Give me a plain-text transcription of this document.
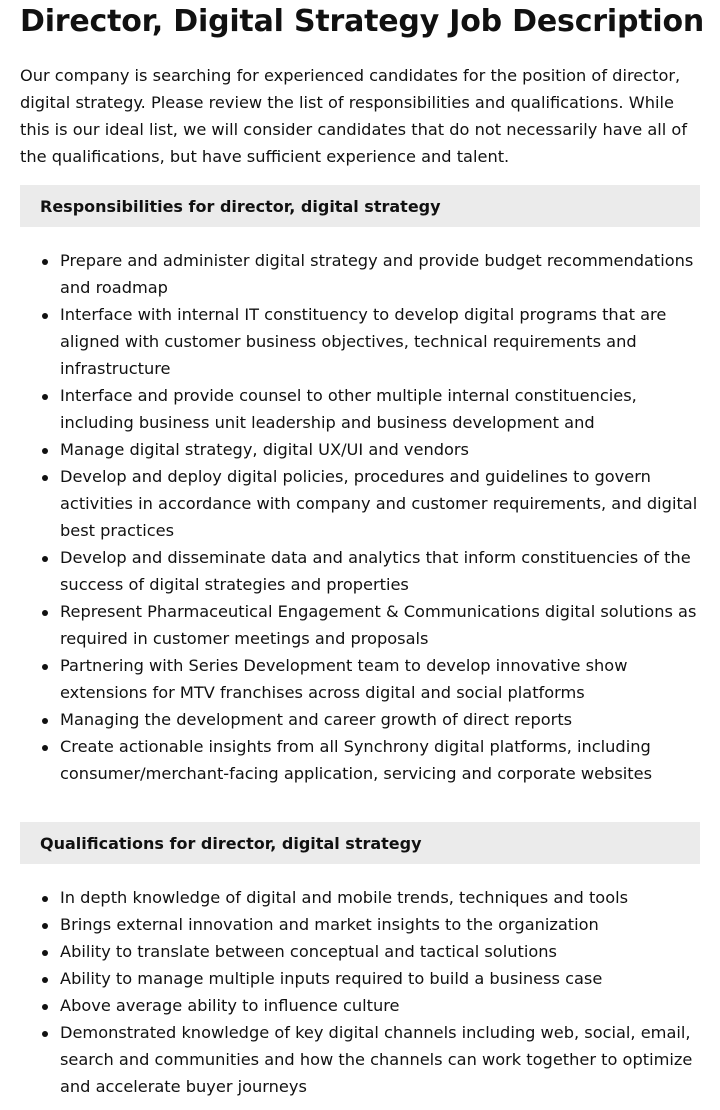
Director, Digital Strategy Job Description

Our company is searching for experienced candidates for the position of director, digital strategy. Please review the list of responsibilities and qualifications. While this is our ideal list, we will consider candidates that do not necessarily have all of the qualifications, but have sufficient experience and talent.

Responsibilities for director, digital strategy
Prepare and administer digital strategy and provide budget recommendations and roadmap
Interface with internal IT constituency to develop digital programs that are aligned with customer business objectives, technical requirements and infrastructure
Interface and provide counsel to other multiple internal constituencies, including business unit leadership and business development and
Manage digital strategy, digital UX/UI and vendors
Develop and deploy digital policies, procedures and guidelines to govern activities in accordance with company and customer requirements, and digital best practices
Develop and disseminate data and analytics that inform constituencies of the success of digital strategies and properties
Represent Pharmaceutical Engagement & Communications digital solutions as required in customer meetings and proposals
Partnering with Series Development team to develop innovative show extensions for MTV franchises across digital and social platforms
Managing the development and career growth of direct reports
Create actionable insights from all Synchrony digital platforms, including consumer/merchant-facing application, servicing and corporate websites
Qualifications for director, digital strategy
In depth knowledge of digital and mobile trends, techniques and tools
Brings external innovation and market insights to the organization
Ability to translate between conceptual and tactical solutions
Ability to manage multiple inputs required to build a business case
Above average ability to influence culture
Demonstrated knowledge of key digital channels including web, social, email, search and communities and how the channels can work together to optimize and accelerate buyer journeys
